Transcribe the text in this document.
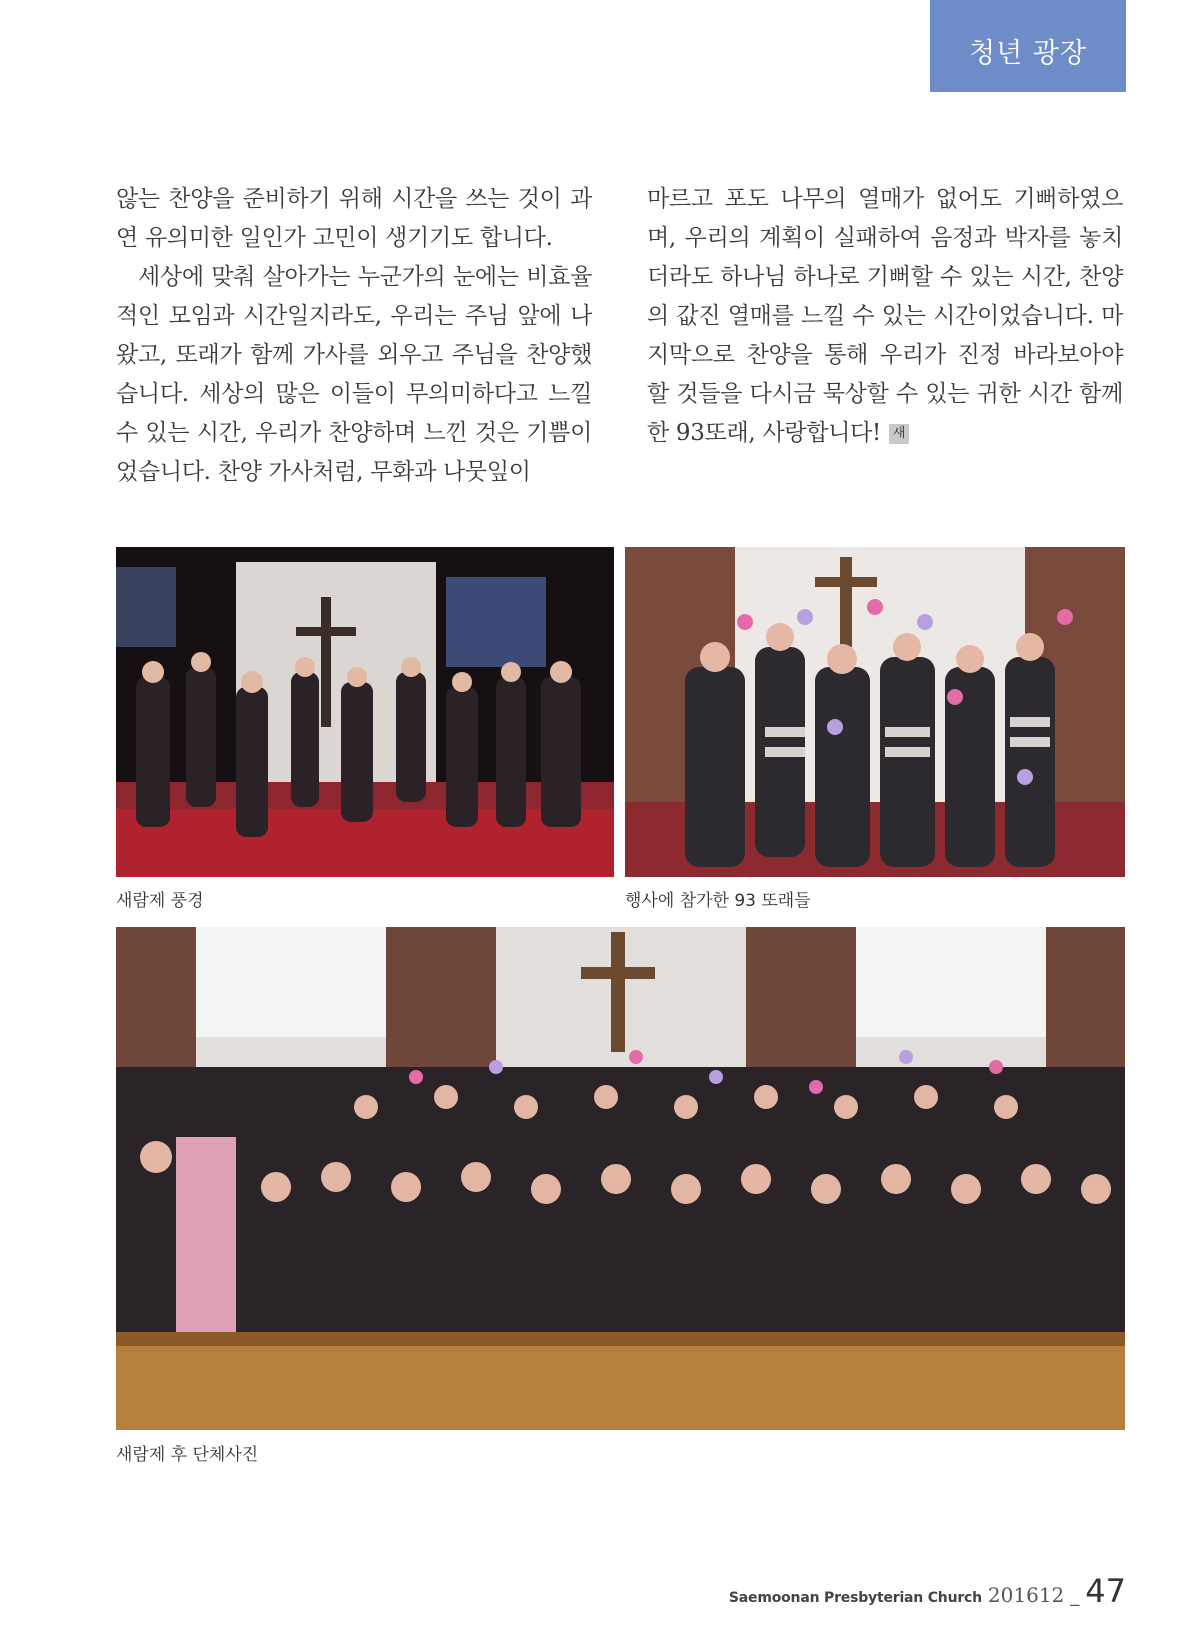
청년 광장

않는 찬양을 준비하기 위해 시간을 쓰는 것이 과연 유의미한 일인가 고민이 생기기도 합니다.

세상에 맞춰 살아가는 누군가의 눈에는 비효율적인 모임과 시간일지라도, 우리는 주님 앞에 나왔고, 또래가 함께 가사를 외우고 주님을 찬양했습니다. 세상의 많은 이들이 무의미하다고 느낄 수 있는 시간, 우리가 찬양하며 느낀 것은 기쁨이었습니다. 찬양 가사처럼, 무화과 나뭇잎이

마르고 포도 나무의 열매가 없어도 기뻐하였으며, 우리의 계획이 실패하여 음정과 박자를 놓치더라도 하나님 하나로 기뻐할 수 있는 시간, 찬양의 값진 열매를 느낄 수 있는 시간이었습니다. 마지막으로 찬양을 통해 우리가 진정 바라보아야 할 것들을 다시금 묵상할 수 있는 귀한 시간 함께한 93또래, 사랑합니다! 새

새람제 풍경	행사에 참가한 93 또래들
새람제 후 단체사진
Saemoonan Presbyterian Church 201612 _ 47
